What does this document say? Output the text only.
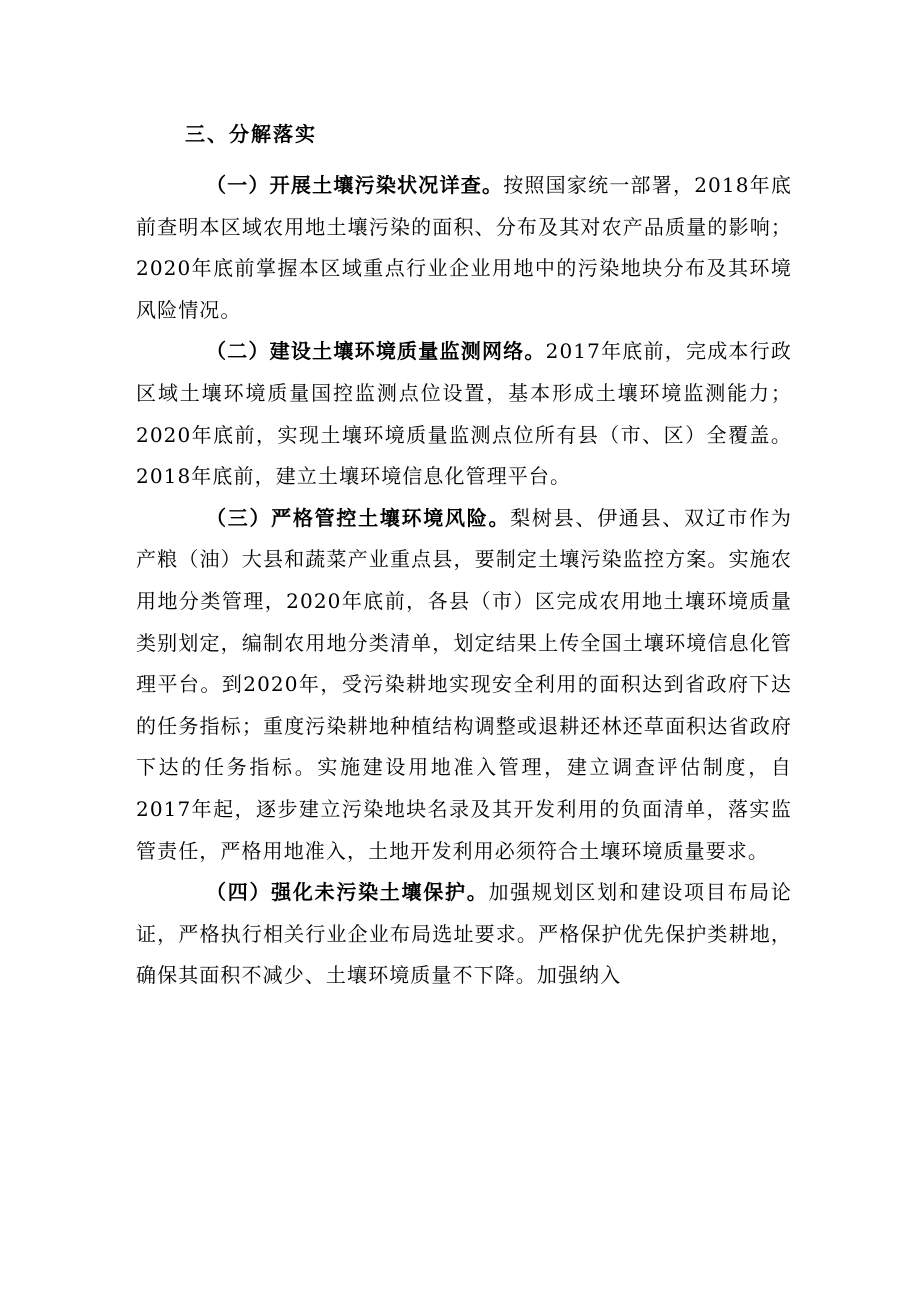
三、分解落实

（一）开展土壤污染状况详查。按照国家统一部署，2018年底前查明本区域农用地土壤污染的面积、分布及其对农产品质量的影响；2020年底前掌握本区域重点行业企业用地中的污染地块分布及其环境风险情况。

（二）建设土壤环境质量监测网络。2017年底前，完成本行政区域土壤环境质量国控监测点位设置，基本形成土壤环境监测能力；2020年底前，实现土壤环境质量监测点位所有县（市、区）全覆盖。2018年底前，建立土壤环境信息化管理平台。

（三）严格管控土壤环境风险。梨树县、伊通县、双辽市作为产粮（油）大县和蔬菜产业重点县，要制定土壤污染监控方案。实施农用地分类管理，2020年底前，各县（市）区完成农用地土壤环境质量类别划定，编制农用地分类清单，划定结果上传全国土壤环境信息化管理平台。到2020年，受污染耕地实现安全利用的面积达到省政府下达的任务指标；重度污染耕地种植结构调整或退耕还林还草面积达省政府下达的任务指标。实施建设用地准入管理，建立调查评估制度，自2017年起，逐步建立污染地块名录及其开发利用的负面清单，落实监管责任，严格用地准入，土地开发利用必须符合土壤环境质量要求。

（四）强化未污染土壤保护。加强规划区划和建设项目布局论证，严格执行相关行业企业布局选址要求。严格保护优先保护类耕地，确保其面积不减少、土壤环境质量不下降。加强纳入
